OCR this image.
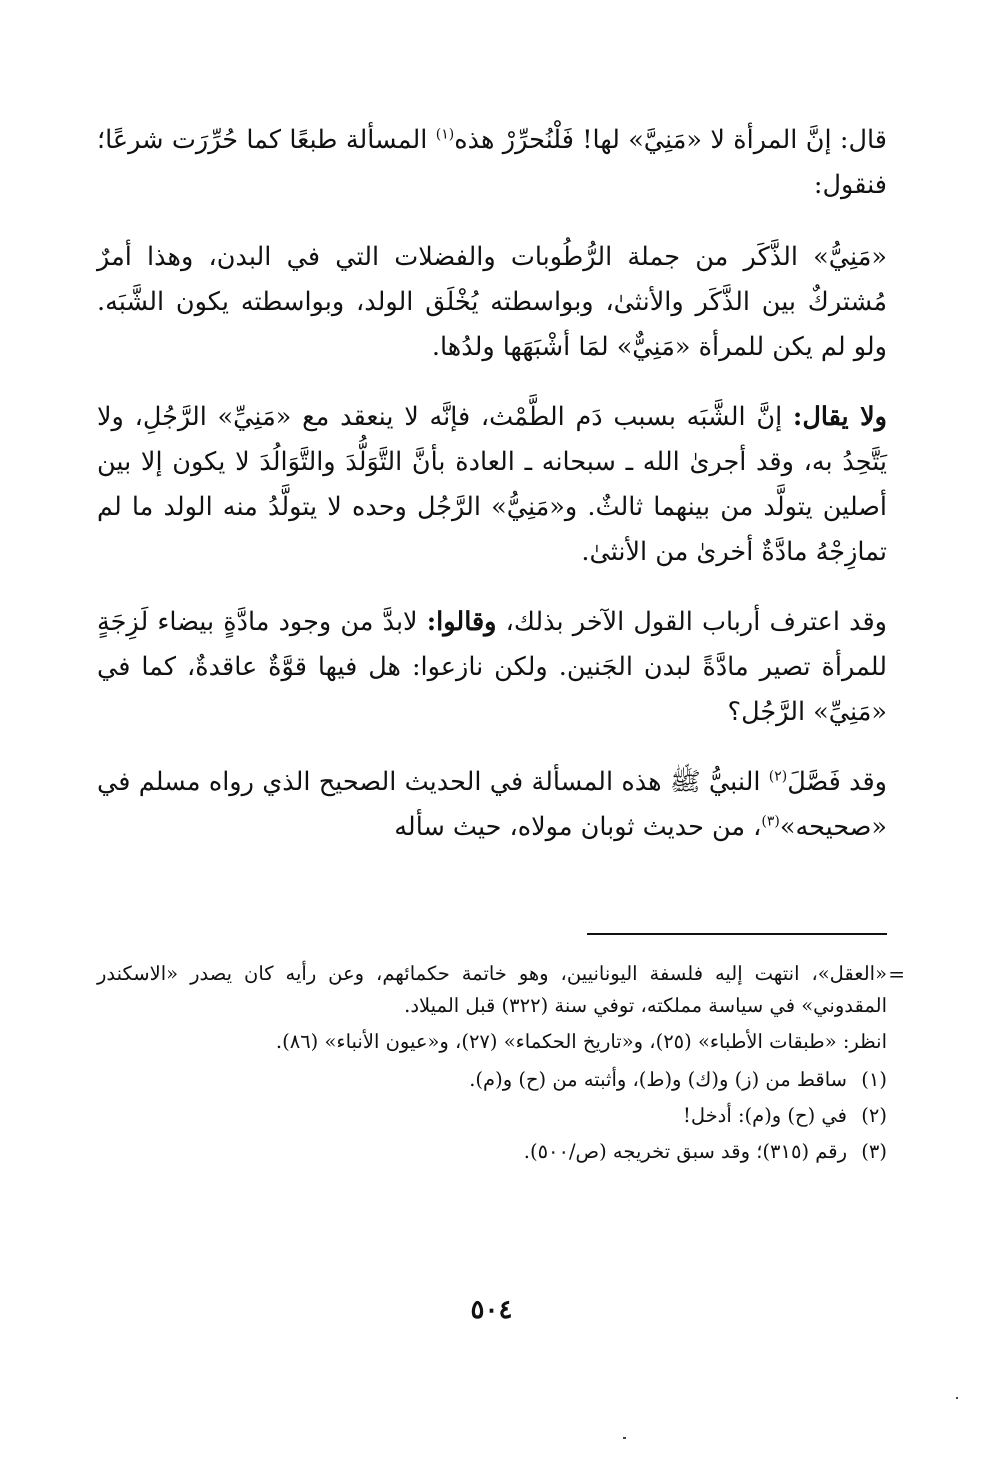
قال: إنَّ المرأة لا «مَنِيَّ» لها! فَلْنُحرِّرْ هذه$^{(١)}$ المسألة طبعًا كما حُرِّرَت شرعًا؛ فنقول:

«مَنِيُّ» الذَّكَر من جملة الرُّطُوبات والفضلات التي في البدن، وهذا أمرٌ مُشتركٌ بين الذَّكَر والأنثىٰ، وبواسطته يُخْلَق الولد، وبواسطته يكون الشَّبَه. ولو لم يكن للمرأة «مَنِيٌّ» لمَا أشْبَهَها ولدُها.

ولا يقال: إنَّ الشَّبَه بسبب دَم الطَّمْث، فإنَّه لا ينعقد مع «مَنِيِّ» الرَّجُلِ، ولا يَتَّحِدُ به، وقد أجرىٰ الله ـ سبحانه ـ العادة بأنَّ التَّوَلُّدَ والتَّوَالُدَ لا يكون إلا بين أصلين يتولَّد من بينهما ثالثٌ. و«مَنِيُّ» الرَّجُل وحده لا يتولَّدُ منه الولد ما لم تمازِجْهُ مادَّةٌ أخرىٰ من الأنثىٰ.

وقد اعترف أرباب القول الآخر بذلك، وقالوا: لابدَّ من وجود مادَّةٍ بيضاء لَزِجَةٍ للمرأة تصير مادَّةً لبدن الجَنين. ولكن نازعوا: هل فيها قوَّةٌ عاقدةٌ، كما في «مَنِيِّ» الرَّجُل؟

وقد فَصَّلَ$^{(٢)}$ النبيُّ ﷺ هذه المسألة في الحديث الصحيح الذي رواه مسلم في «صحيحه»$^{(٣)}$، من حديث ثوبان مولاه، حيث سأله

=
«العقل»، انتهت إليه فلسفة اليونانيين، وهو خاتمة حكمائهم، وعن رأيه كان يصدر «الاسكندر المقدوني» في سياسة مملكته، توفي سنة (٣٢٢) قبل الميلاد.

انظر: «طبقات الأطباء» (٢٥)، و«تاريخ الحكماء» (٢٧)، و«عيون الأنباء» (٨٦).

(١)
ساقط من (ز) و(ك) و(ط)، وأثبته من (ح) و(م).
(٢)
في (ح) و(م): أدخل!
(٣)
رقم (٣١٥)؛ وقد سبق تخريجه (ص/٥٠٠).
٥٠٤
